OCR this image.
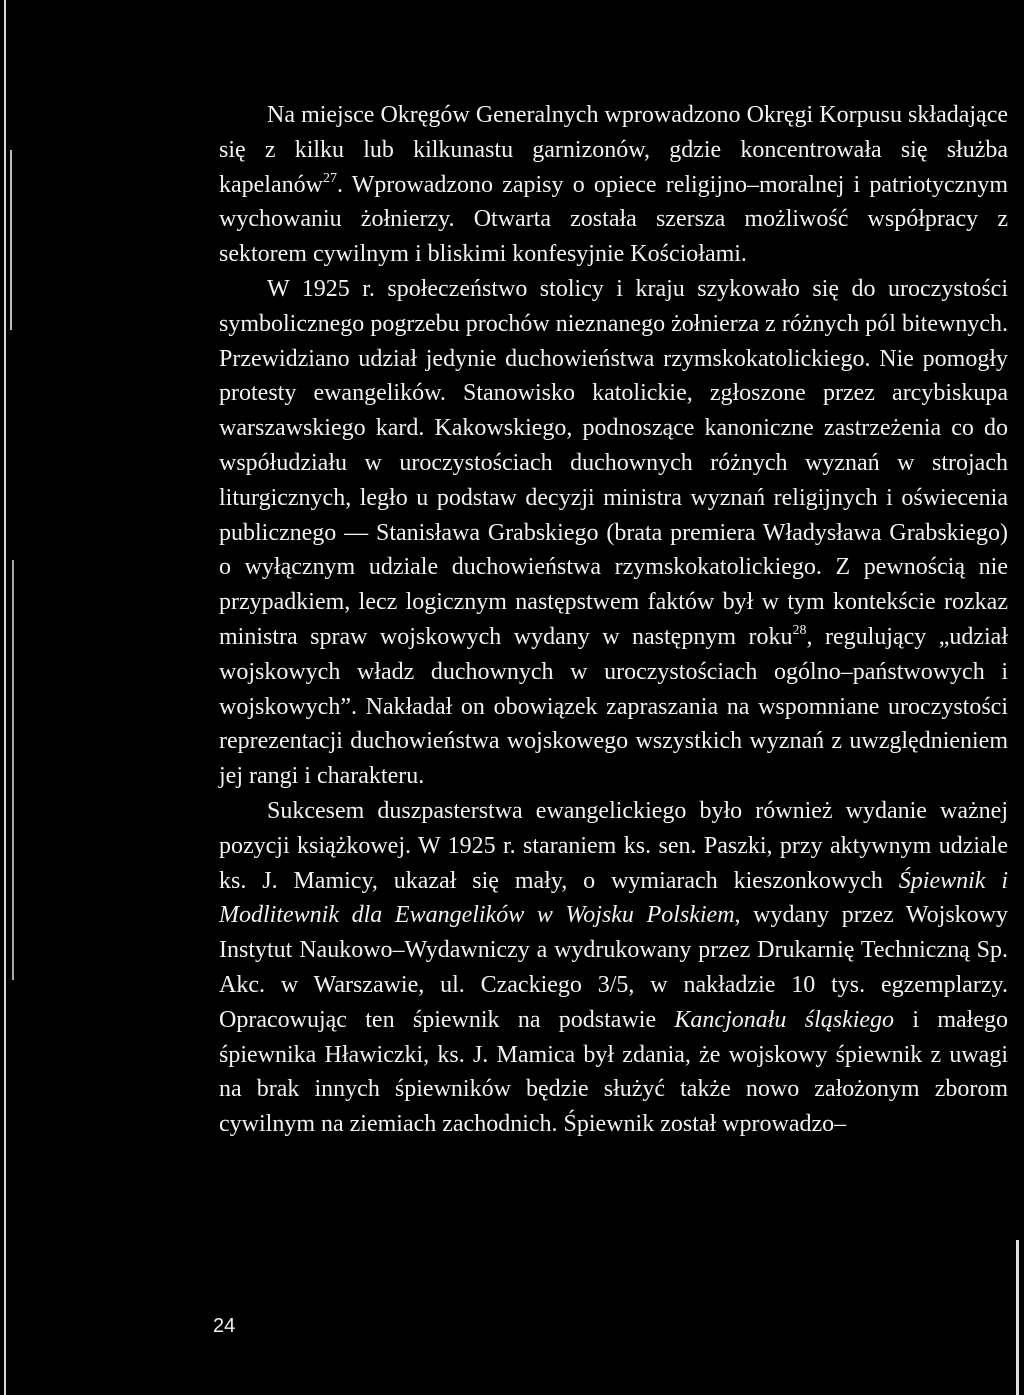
Na miejsce Okręgów Generalnych wprowadzono Okręgi Korpusu składające się z kilku lub kilkunastu garnizonów, gdzie koncentrowała się służba kapelanów$^{27}$. Wprowadzono zapisy o opiece religijno–moralnej i patriotycznym wychowaniu żołnierzy. Otwarta została szersza możliwość współpracy z sektorem cywilnym i bliskimi konfesyjnie Kościołami.

W 1925 r. społeczeństwo stolicy i kraju szykowało się do uroczystości symbolicznego pogrzebu prochów nieznanego żołnierza z różnych pól bitewnych. Przewidziano udział jedynie duchowieństwa rzymskokatolickiego. Nie pomogły protesty ewangelików. Stanowisko katolickie, zgłoszone przez arcybiskupa warszawskiego kard. Kakowskiego, podnoszące kanoniczne zastrzeżenia co do współudziału w uroczystościach duchownych różnych wyznań w strojach liturgicznych, legło u podstaw decyzji ministra wyznań religijnych i oświecenia publicznego — Stanisława Grabskiego (brata premiera Władysława Grabskiego) o wyłącznym udziale duchowieństwa rzymskokatolickiego. Z pewnością nie przypadkiem, lecz logicznym następstwem faktów był w tym kontekście rozkaz ministra spraw wojskowych wydany w następnym roku$^{28}$, regulujący „udział wojskowych władz duchownych w uroczystościach ogólno–państwowych i wojskowych”. Nakładał on obowiązek zapraszania na wspomniane uroczystości reprezentacji duchowieństwa wojskowego wszystkich wyznań z uwzględnieniem jej rangi i charakteru.

Sukcesem duszpasterstwa ewangelickiego było również wydanie ważnej pozycji książkowej. W 1925 r. staraniem ks. sen. Paszki, przy aktywnym udziale ks. J. Mamicy, ukazał się mały, o wymiarach kieszonkowych Śpiewnik i Modlitewnik dla Ewangelików w Wojsku Polskiem, wydany przez Wojskowy Instytut Naukowo–Wydawniczy a wydrukowany przez Drukarnię Techniczną Sp. Akc. w Warszawie, ul. Czackiego 3/5, w nakładzie 10 tys. egzemplarzy. Opracowując ten śpiewnik na podstawie Kancjonału śląskiego i małego śpiewnika Hławiczki, ks. J. Mamica był zdania, że wojskowy śpiewnik z uwagi na brak innych śpiewników będzie służyć także nowo założonym zborom cywilnym na ziemiach zachodnich. Śpiewnik został wprowadzo–

24
